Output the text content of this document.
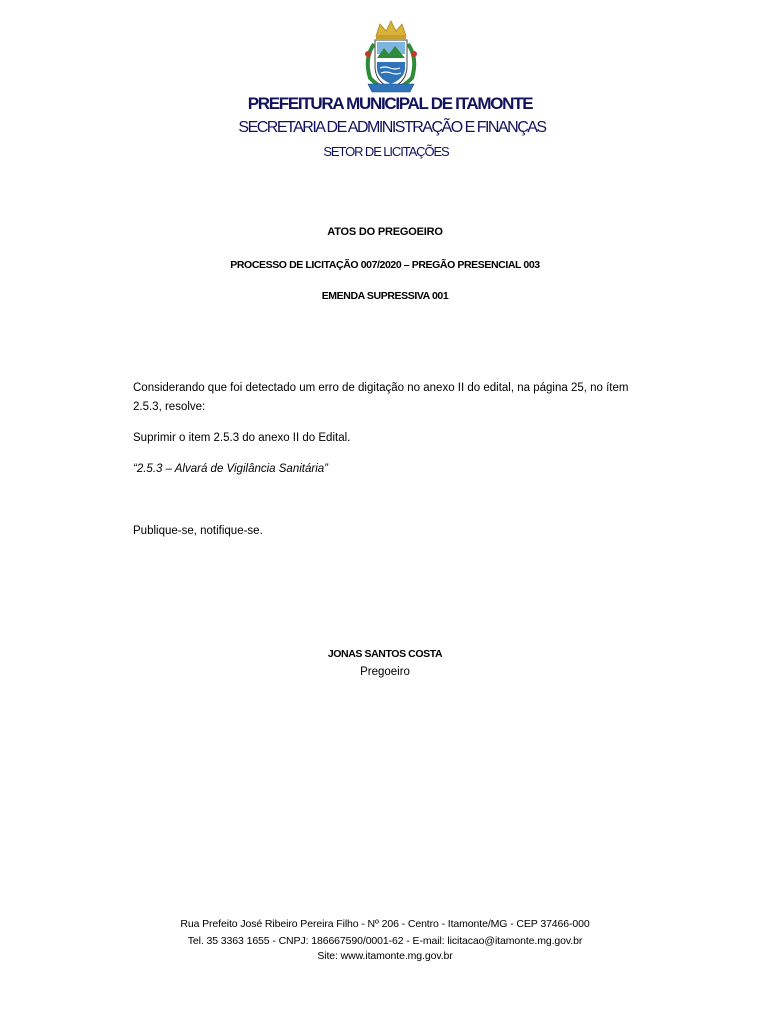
PREFEITURA MUNICIPAL DE ITAMONTE
SECRETARIA DE ADMINISTRAÇÃO E FINANÇAS
SETOR DE LICITAÇÕES
ATOS DO PREGOEIRO
PROCESSO DE LICITAÇÃO 007/2020 – PREGÃO PRESENCIAL 003
EMENDA SUPRESSIVA 001
Considerando que foi detectado um erro de digitação no anexo II do edital, na página 25, no ítem 2.5.3, resolve:
Suprimir o item 2.5.3 do anexo II do Edital.
“2.5.3 – Alvará de Vigilância Sanitária”
Publique-se, notifique-se.
JONAS SANTOS COSTA
Pregoeiro
Rua Prefeito José Ribeiro Pereira Filho - Nº 206 - Centro - Itamonte/MG - CEP 37466-000
Tel. 35 3363 1655 - CNPJ: 186667590/0001-62 - E-mail: licitacao@itamonte.mg.gov.br
Site: www.itamonte.mg.gov.br
